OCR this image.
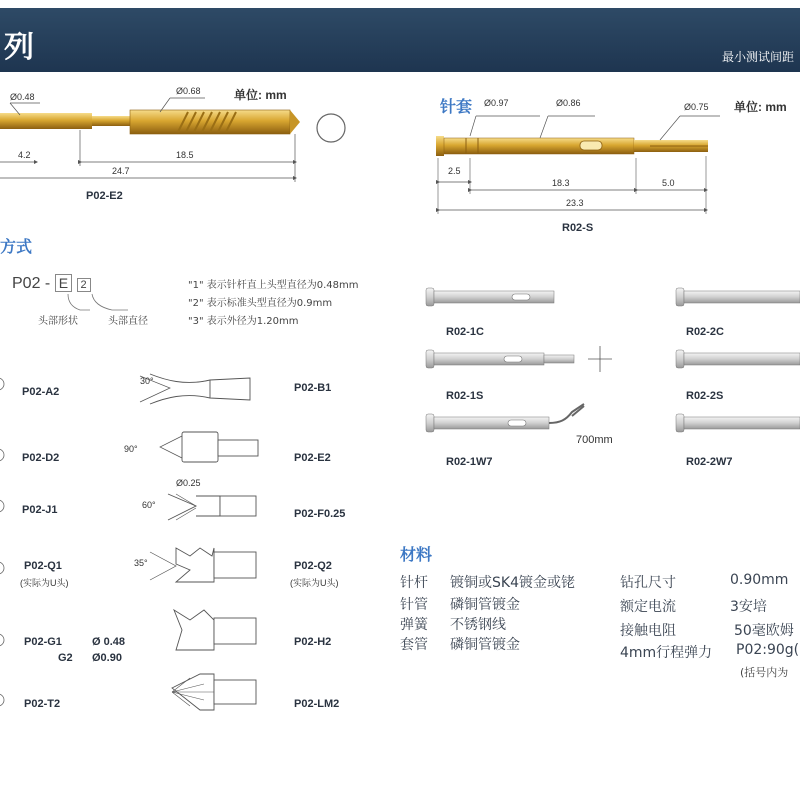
列	最小测试间距
Ø0.48
Ø0.68	单位: mm
4.2	18.5
24.7
P02-E2
针套 Ø0.97	Ø0.86	Ø0.75 单位: mm
2.5
18.3	5.0
23.3
R02-S
方式
P02 - E 2
头部形状	头部直径
"1" 表示针杆直上头型直径为0.48mm
"2" 表示标准头型直径为0.9mm
"3" 表示外径为1.20mm
P02-A2	P02-B1
30°
P02-D2	P02-E2
90°
P02-J1	P02-F0.25
Ø0.25
60°
P02-Q1
(实际为U头)
P02-Q2
(实际为U头)
35°
P02-G1	Ø 0.48
G2 Ø0.90
P02-H2
P02-T2	P02-LM2
R02-1C	R02-2C
R02-1S	R02-2S
700mm
R02-1W7	R02-2W7
材料
针杆 镀铜或SK4镀金或铑
针管 磷铜管镀金
弹簧 不锈钢线
套管 磷铜管镀金
钻孔尺寸	0.90mm
额定电流	3安培
接触电阻	50毫欧姆
4mm行程弹力 P02:90g(
(括号内为
